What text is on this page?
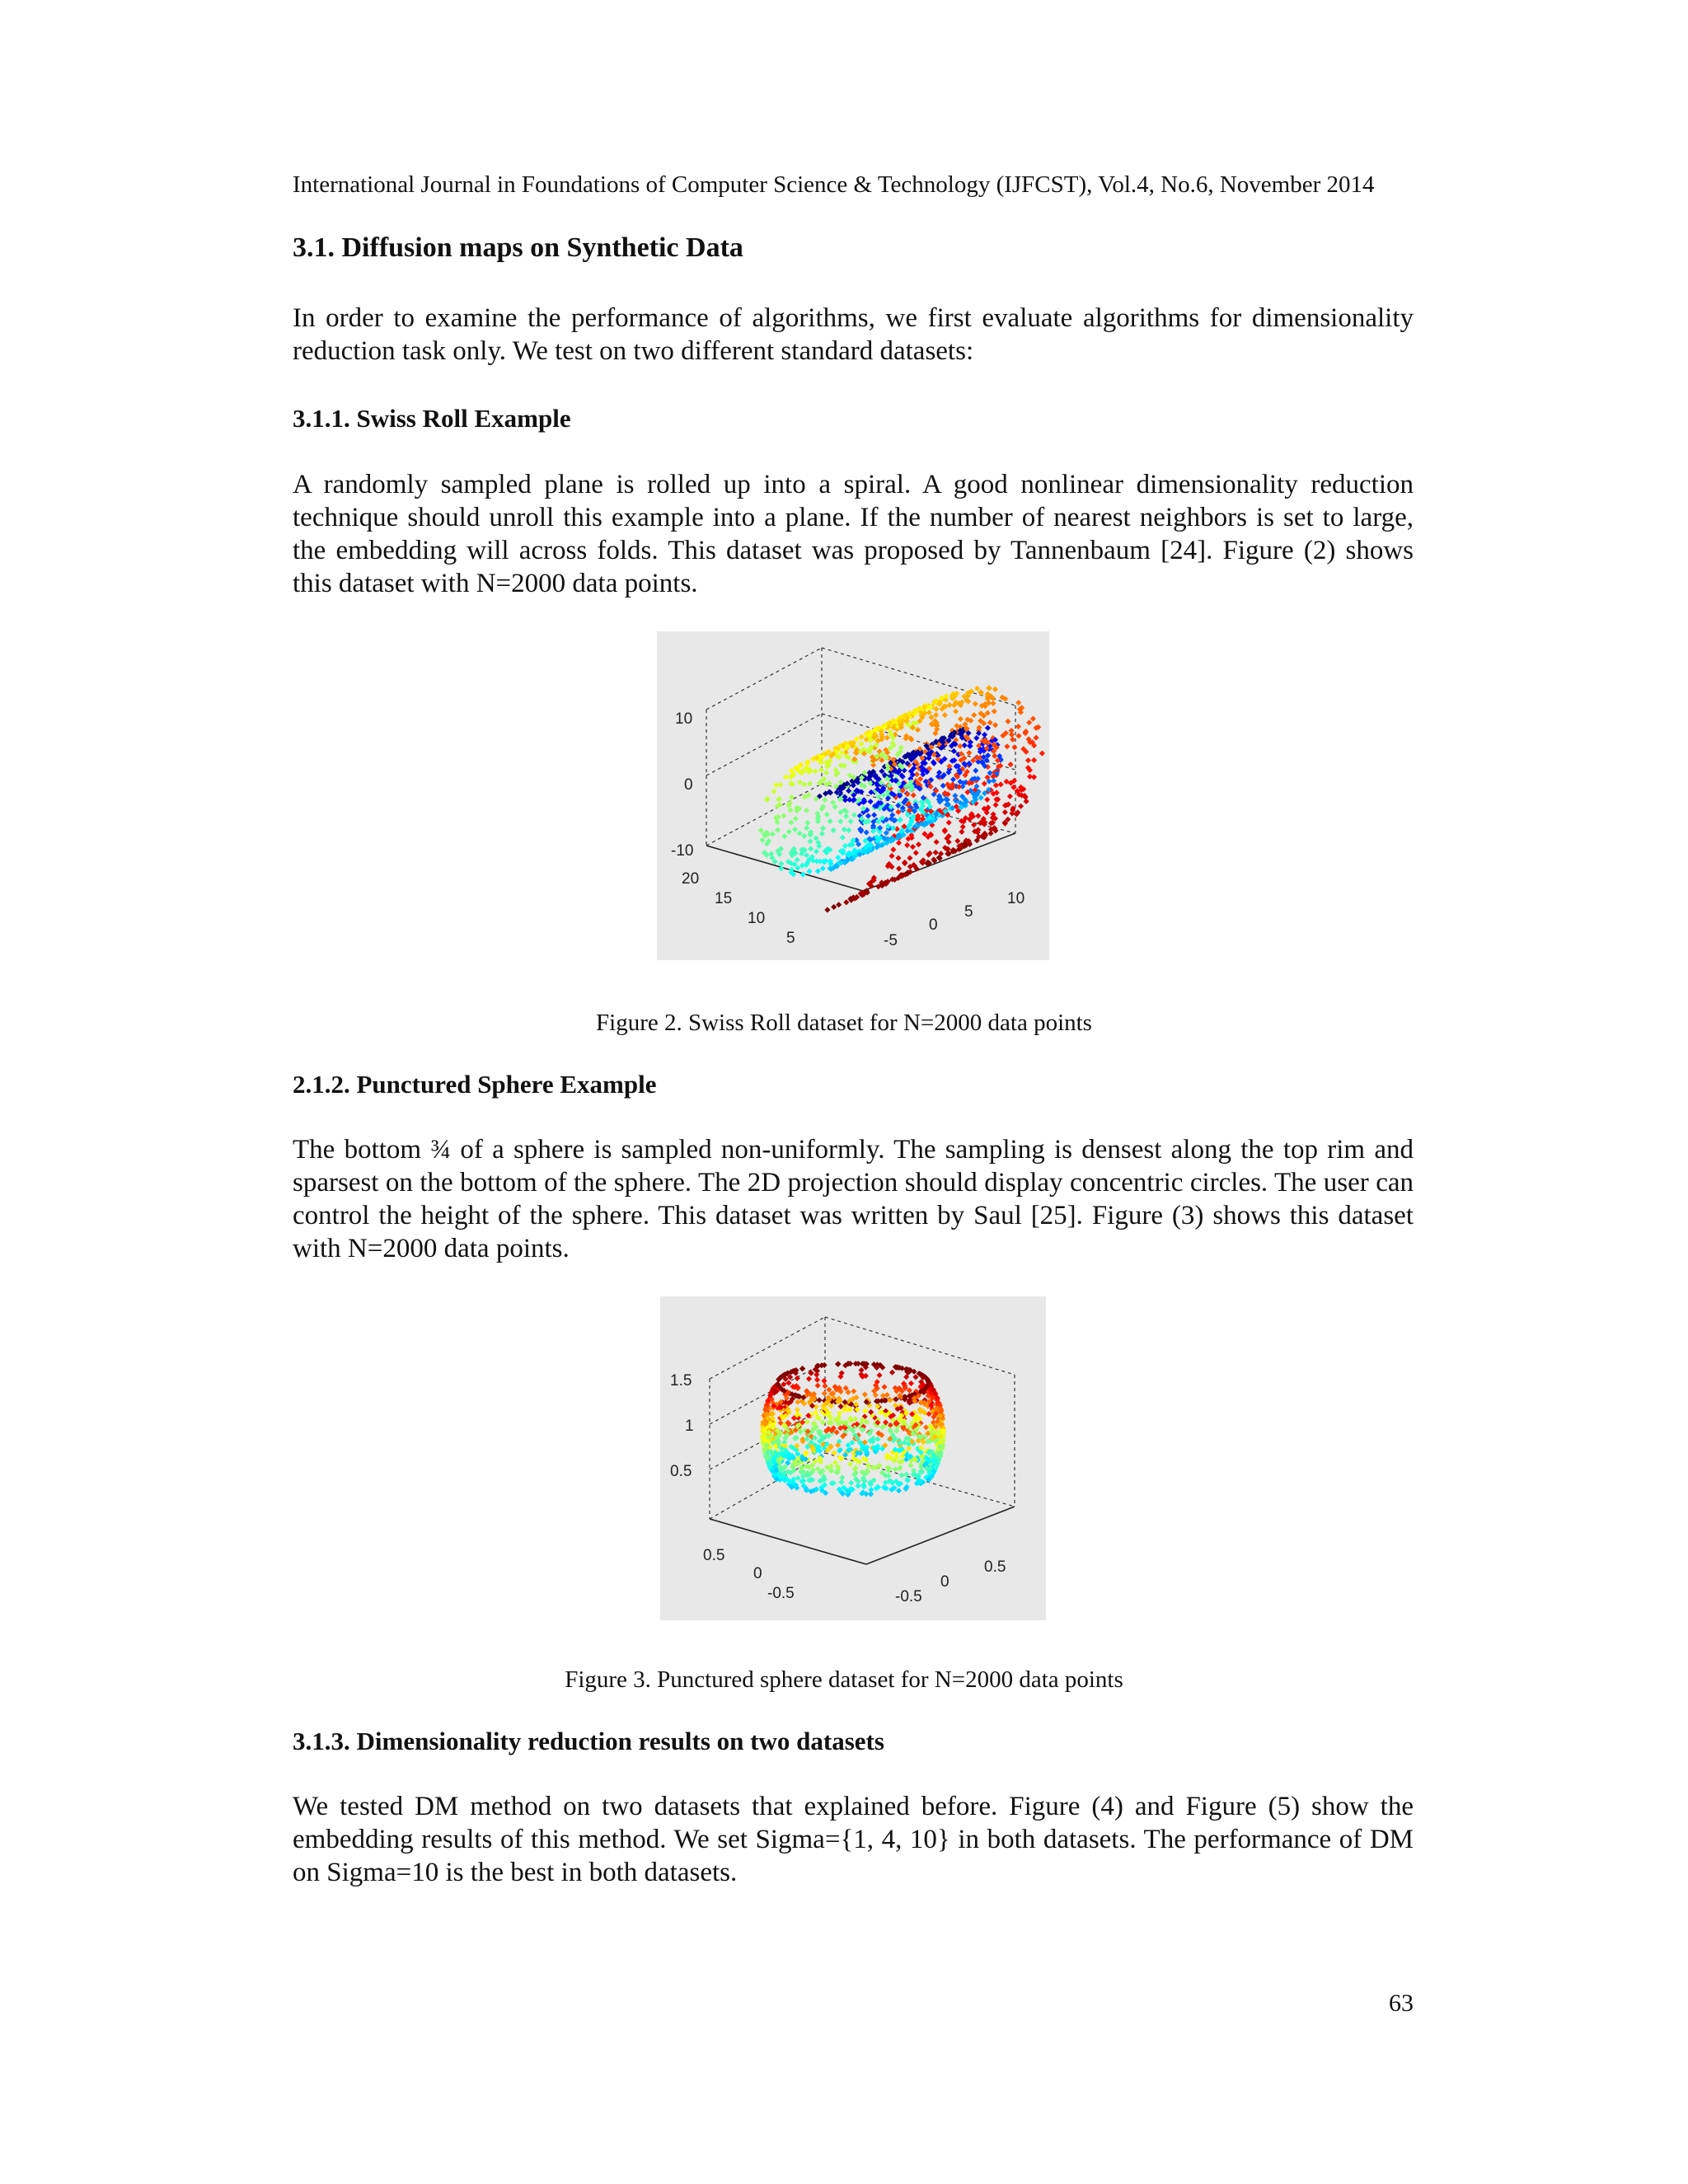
International Journal in Foundations of Computer Science & Technology (IJFCST), Vol.4, No.6, November 2014
3.1. Diffusion maps on Synthetic Data

In order to examine the performance of algorithms, we first evaluate algorithms for dimensionality reduction task only. We test on two different standard datasets:

3.1.1. Swiss Roll Example

A randomly sampled plane is rolled up into a spiral. A good nonlinear dimensionality reduction technique should unroll this example into a plane. If the number of nearest neighbors is set to large, the embedding will across folds. This dataset was proposed by Tannenbaum [24]. Figure (2) shows this dataset with N=2000 data points.

10
0
-10
20
15
10
5	-5
0
5
10
Figure 2. Swiss Roll dataset for N=2000 data points
2.1.2. Punctured Sphere Example

The bottom ¾ of a sphere is sampled non-uniformly. The sampling is densest along the top rim and sparsest on the bottom of the sphere. The 2D projection should display concentric circles. The user can control the height of the sphere. This dataset was written by Saul [25]. Figure (3) shows this dataset with N=2000 data points.

1.5
1
0.5
0.5
0
-0.5	-0.5
0
0.5
Figure 3. Punctured sphere dataset for N=2000 data points
3.1.3. Dimensionality reduction results on two datasets

We tested DM method on two datasets that explained before. Figure (4) and Figure (5) show the embedding results of this method. We set Sigma={1, 4, 10} in both datasets. The performance of DM on Sigma=10 is the best in both datasets.

63
